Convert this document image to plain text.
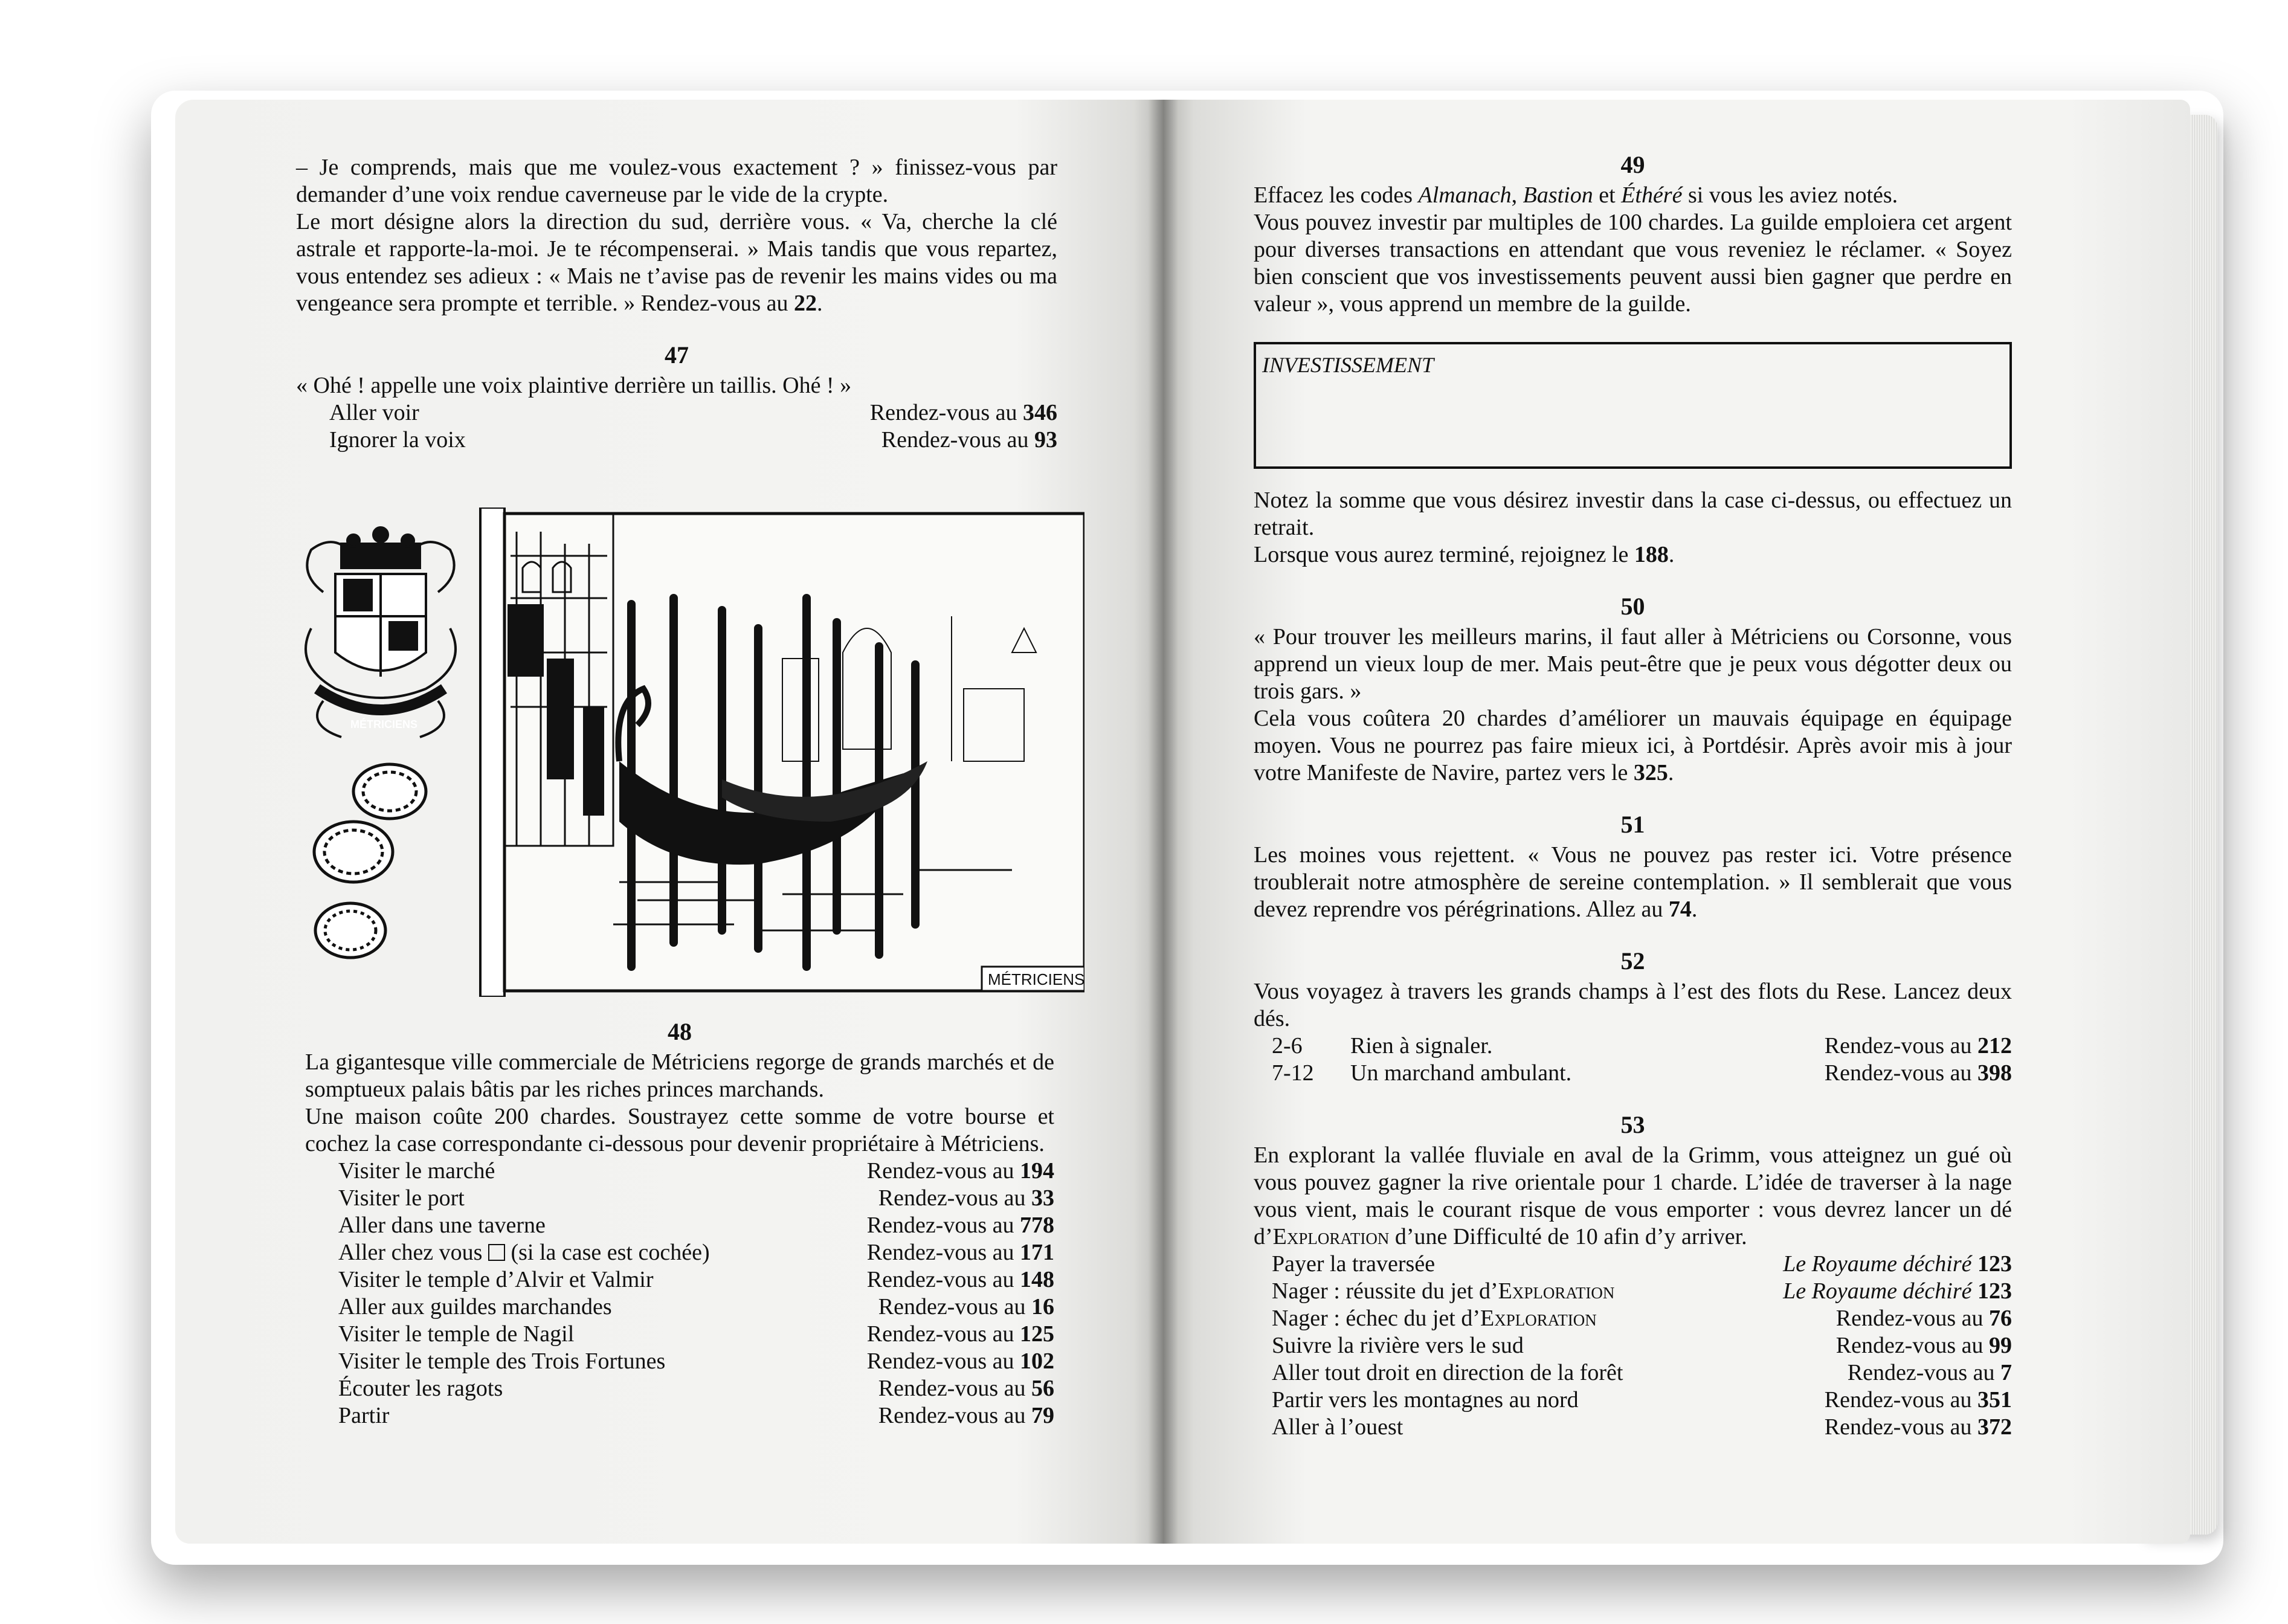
– Je comprends, mais que me voulez-vous exactement ? » finissez-vous par demander d’une voix rendue caverneuse par le vide de la crypte.

Le mort désigne alors la direction du sud, derrière vous. « Va, cherche la clé astrale et rapporte-la-moi. Je te récompenserai. » Mais tandis que vous repartez, vous entendez ses adieux : « Mais ne t’avise pas de revenir les mains vides ou ma vengeance sera prompte et terrible. » Rendez-vous au 22.

47

« Ohé ! appelle une voix plaintive derrière un taillis. Ohé ! »

Aller voir	Rendez-vous au 346
Ignorer la voix	Rendez-vous au 93
MÉTRICIENS
MÉTRICIENS
48

La gigantesque ville commerciale de Métriciens regorge de grands marchés et de somptueux palais bâtis par les riches princes marchands.

Une maison coûte 200 chardes. Soustrayez cette somme de votre bourse et cochez la case correspondante ci-dessous pour devenir propriétaire à Métriciens.

Visiter le marché	Rendez-vous au 194
Visiter le port	Rendez-vous au 33
Aller dans une taverne	Rendez-vous au 778
Aller chez vous (si la case est cochée)	Rendez-vous au 171
Visiter le temple d’Alvir et Valmir	Rendez-vous au 148
Aller aux guildes marchandes	Rendez-vous au 16
Visiter le temple de Nagil	Rendez-vous au 125
Visiter le temple des Trois Fortunes	Rendez-vous au 102
Écouter les ragots	Rendez-vous au 56
Partir	Rendez-vous au 79
49

Effacez les codes Almanach, Bastion et Éthéré si vous les aviez notés.

Vous pouvez investir par multiples de 100 chardes. La guilde emploiera cet argent pour diverses transactions en attendant que vous reveniez le réclamer. « Soyez bien conscient que vos investissements peuvent aussi bien gagner que perdre en valeur », vous apprend un membre de la guilde.

INVESTISSEMENT

Notez la somme que vous désirez investir dans la case ci-dessus, ou effectuez un retrait.

Lorsque vous aurez terminé, rejoignez le 188.

50

« Pour trouver les meilleurs marins, il faut aller à Métriciens ou Corsonne, vous apprend un vieux loup de mer. Mais peut-être que je peux vous dégotter deux ou trois gars. »

Cela vous coûtera 20 chardes d’améliorer un mauvais équipage en équipage moyen. Vous ne pourrez pas faire mieux ici, à Portdésir. Après avoir mis à jour votre Manifeste de Navire, partez vers le 325.

51

Les moines vous rejettent. « Vous ne pouvez pas rester ici. Votre présence troublerait notre atmosphère de sereine contemplation. » Il semblerait que vous devez reprendre vos pérégrinations. Allez au 74.

52

Vous voyagez à travers les grands champs à l’est des flots du Rese. Lancez deux dés.

2-6	Rien à signaler.	Rendez-vous au 212
7-12	Un marchand ambulant.	Rendez-vous au 398
53

En explorant la vallée fluviale en aval de la Grimm, vous atteignez un gué où vous pouvez gagner la rive orientale pour 1 charde. L’idée de traverser à la nage vous vient, mais le courant risque de vous emporter : vous devrez lancer un dé d’Exploration d’une Difficulté de 10 afin d’y arriver.

Payer la traversée	Le Royaume déchiré 123
Nager : réussite du jet d’Exploration	Le Royaume déchiré 123
Nager : échec du jet d’Exploration	Rendez-vous au 76
Suivre la rivière vers le sud	Rendez-vous au 99
Aller tout droit en direction de la forêt	Rendez-vous au 7
Partir vers les montagnes au nord	Rendez-vous au 351
Aller à l’ouest	Rendez-vous au 372
